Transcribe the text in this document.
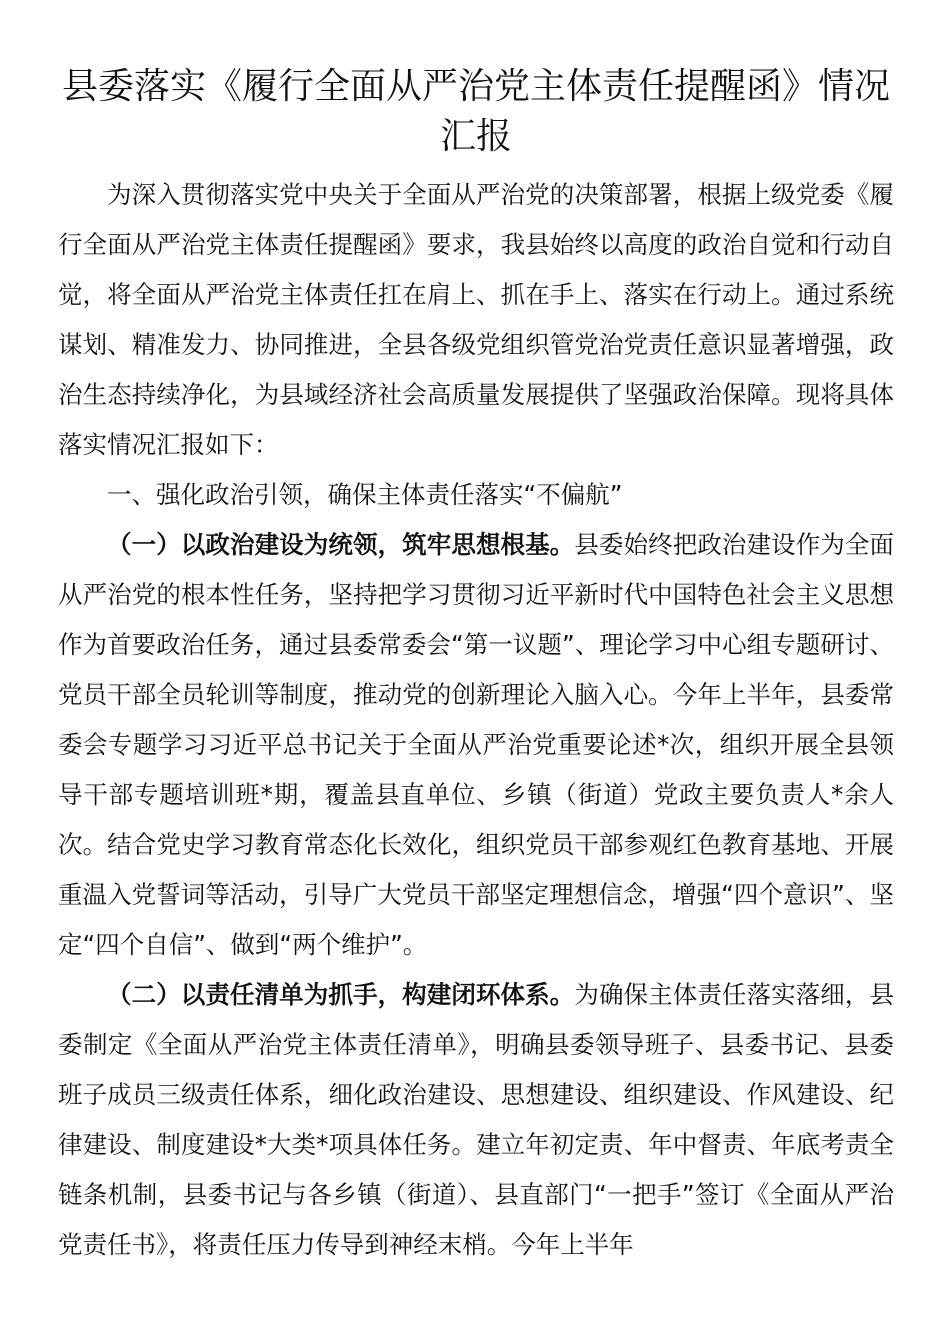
县委落实《履行全面从严治党主体责任提醒函》情况汇报

为深入贯彻落实党中央关于全面从严治党的决策部署，根据上级党委《履行全面从严治党主体责任提醒函》要求，我县始终以高度的政治自觉和行动自觉，将全面从严治党主体责任扛在肩上、抓在手上、落实在行动上。通过系统谋划、精准发力、协同推进，全县各级党组织管党治党责任意识显著增强，政治生态持续净化，为县域经济社会高质量发展提供了坚强政治保障。现将具体落实情况汇报如下：

一、强化政治引领，确保主体责任落实“不偏航”

（一）以政治建设为统领，筑牢思想根基。县委始终把政治建设作为全面从严治党的根本性任务，坚持把学习贯彻习近平新时代中国特色社会主义思想作为首要政治任务，通过县委常委会“第一议题”、理论学习中心组专题研讨、党员干部全员轮训等制度，推动党的创新理论入脑入心。今年上半年，县委常委会专题学习习近平总书记关于全面从严治党重要论述*次，组织开展全县领导干部专题培训班*期，覆盖县直单位、乡镇（街道）党政主要负责人*余人次。结合党史学习教育常态化长效化，组织党员干部参观红色教育基地、开展重温入党誓词等活动，引导广大党员干部坚定理想信念，增强“四个意识”、坚定“四个自信”、做到“两个维护”。

（二）以责任清单为抓手，构建闭环体系。为确保主体责任落实落细，县委制定《全面从严治党主体责任清单》，明确县委领导班子、县委书记、县委班子成员三级责任体系，细化政治建设、思想建设、组织建设、作风建设、纪律建设、制度建设*大类*项具体任务。建立年初定责、年中督责、年底考责全链条机制，县委书记与各乡镇（街道）、县直部门“一把手”签订《全面从严治党责任书》，将责任压力传导到神经末梢。今年上半年
